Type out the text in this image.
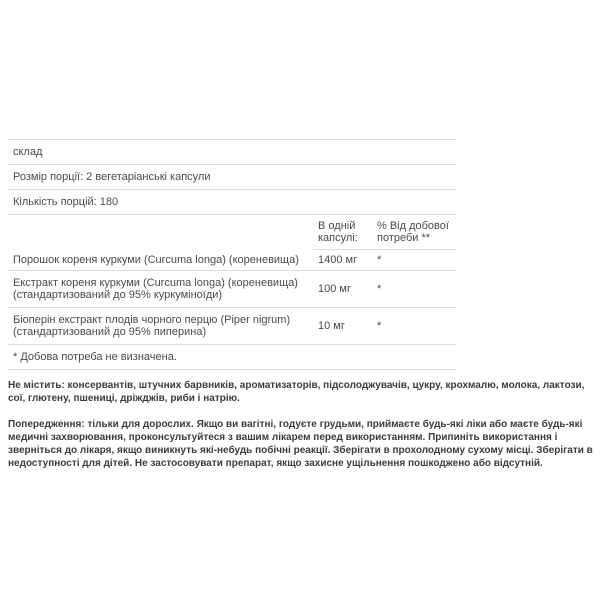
склад		
Розмір порції: 2 вегетаріанські капсули		
Кількість порцій: 180		
	В одній капсулі:	% Від добової потреби **
Порошок кореня куркуми (Curcuma longa) (кореневища)	1400 мг	*
Екстракт кореня куркуми (Curcuma longa) (кореневища) (стандартизований до 95% куркуміноїди)	100 мг	*
Біоперін екстракт плодів чорного перцю (Piper nigrum) (стандартизований до 95% пиперина)	10 мг	*
* Добова потреба не визначена.		

Не містить: консервантів, штучних барвників, ароматизаторів, підсолоджувачів, цукру, крохмалю, молока, лактози, сої, глютену, пшениці, дріжджів, риби і натрію.

Попередження: тільки для дорослих. Якщо ви вагітні, годуєте грудьми, приймаєте будь-які ліки або маєте будь-які медичні захворювання, проконсультуйтеся з вашим лікарем перед використанням. Припиніть використання і зверніться до лікаря, якщо виникнуть які-небудь побічні реакції. Зберігати в прохолодному сухому місці. Зберігати в недоступності для дітей. Не застосовувати препарат, якщо захисне ущільнення пошкоджено або відсутній.
